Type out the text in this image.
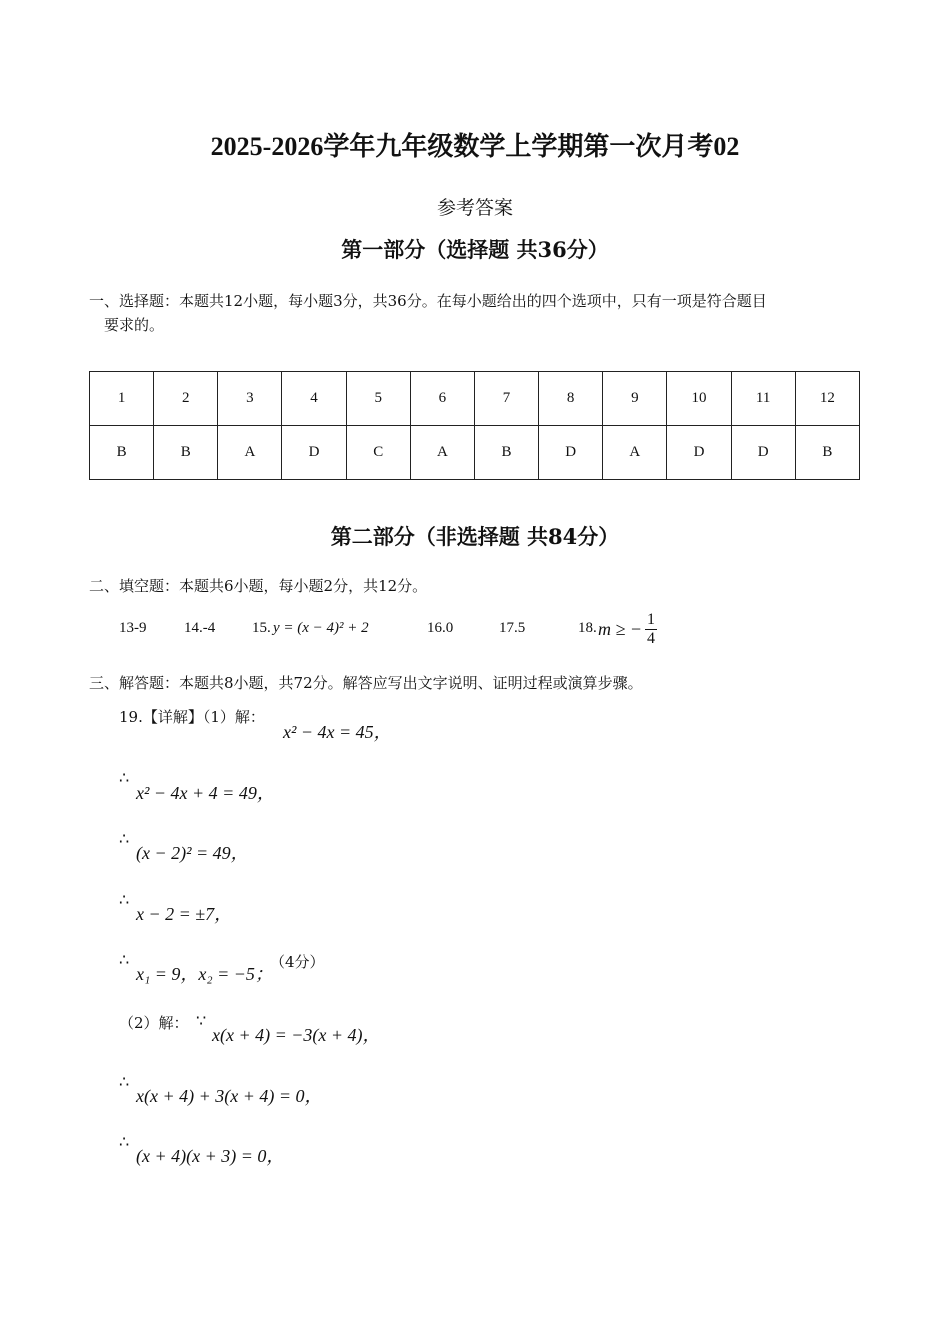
2025-2026学年九年级数学上学期第一次月考02
参考答案
第一部分（选择题 共36分）
一、选择题：本题共12小题，每小题3分，共36分。在每小题给出的四个选项中，只有一项是符合题目
要求的。
1	2	3	4	5	6	7	8	9	10	11	12
B	B	A	D	C	A	B	D	A	D	D	B
第二部分（非选择题 共84分）
二、填空题：本题共6小题，每小题2分，共12分。
13-9	14.-4 15. y = (x − 4)² + 2	16.0	17.5	18. m ≥ − $\frac{1}{4}$
三、解答题：本题共8小题，共72分。解答应写出文字说明、证明过程或演算步骤。
19.【详解】（1）解：
x² − 4x = 45，
∴
x² − 4x + 4 = 49，
∴
(x − 2)² = 49，
∴
x − 2 = ±7，
∴
x₁ = 9，x₂ = −5；
（4分）
（2）解： ∵
x(x + 4) = −3(x + 4)，
∴
x(x + 4) + 3(x + 4) = 0，
∴
(x + 4)(x + 3) = 0，
